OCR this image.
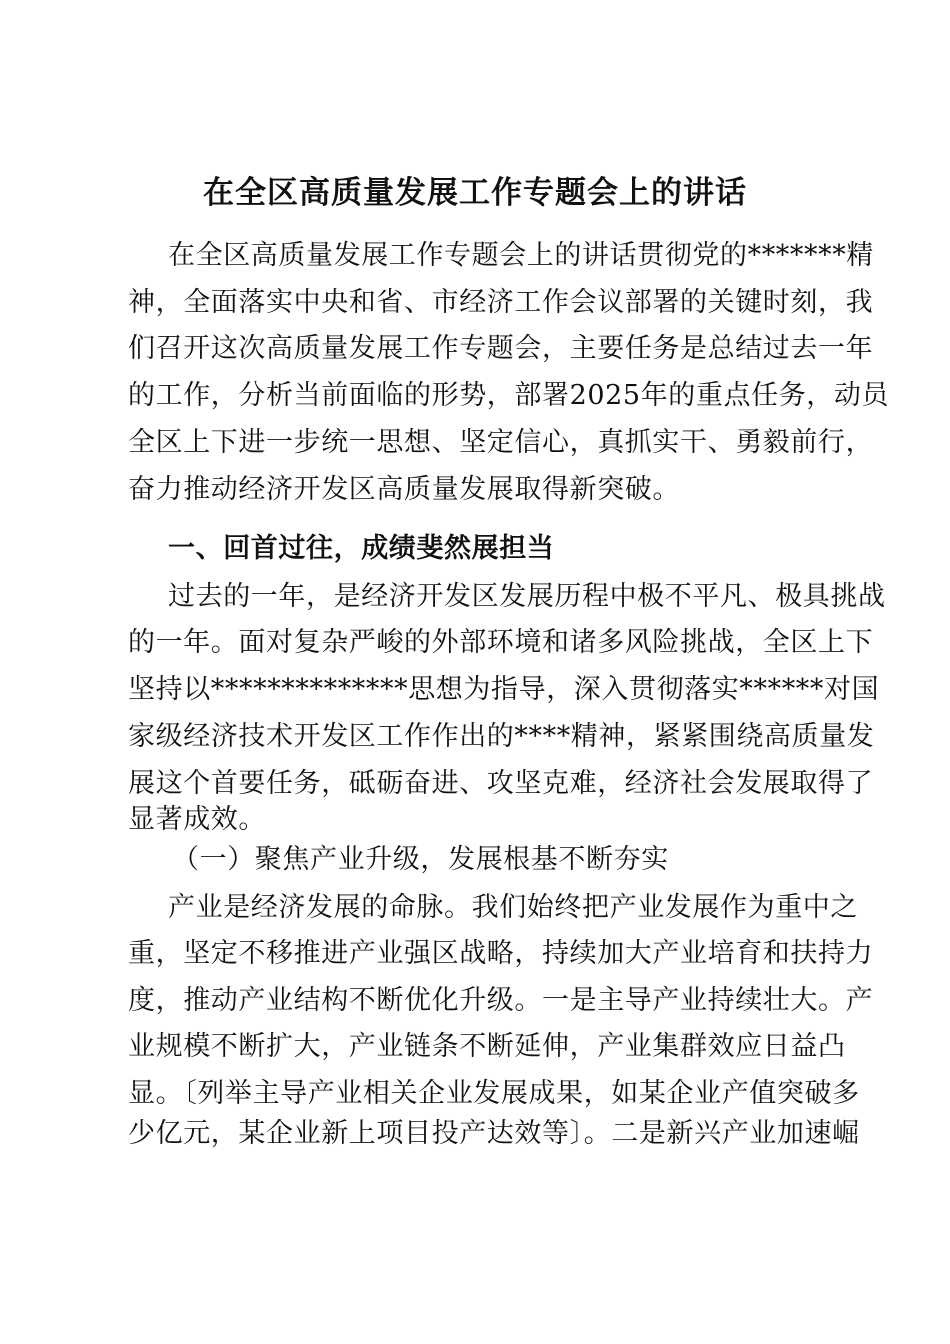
在全区高质量发展工作专题会上的讲话
在全区高质量发展工作专题会上的讲话贯彻党的*******精
神，全面落实中央和省、市经济工作会议部署的关键时刻，我
们召开这次高质量发展工作专题会，主要任务是总结过去一年
的工作，分析当前面临的形势，部署2025年的重点任务，动员
全区上下进一步统一思想、坚定信心，真抓实干、勇毅前行，
奋力推动经济开发区高质量发展取得新突破。
一、回首过往，成绩斐然展担当
过去的一年，是经济开发区发展历程中极不平凡、极具挑战
的一年。面对复杂严峻的外部环境和诸多风险挑战，全区上下
坚持以**************思想为指导，深入贯彻落实******对国
家级经济技术开发区工作作出的****精神，紧紧围绕高质量发
展这个首要任务，砥砺奋进、攻坚克难，经济社会发展取得了
显著成效。
（一）聚焦产业升级，发展根基不断夯实
产业是经济发展的命脉。我们始终把产业发展作为重中之
重，坚定不移推进产业强区战略，持续加大产业培育和扶持力
度，推动产业结构不断优化升级。一是主导产业持续壮大。产
业规模不断扩大，产业链条不断延伸，产业集群效应日益凸
显。〔列举主导产业相关企业发展成果，如某企业产值突破多
少亿元，某企业新上项目投产达效等〕。二是新兴产业加速崛
